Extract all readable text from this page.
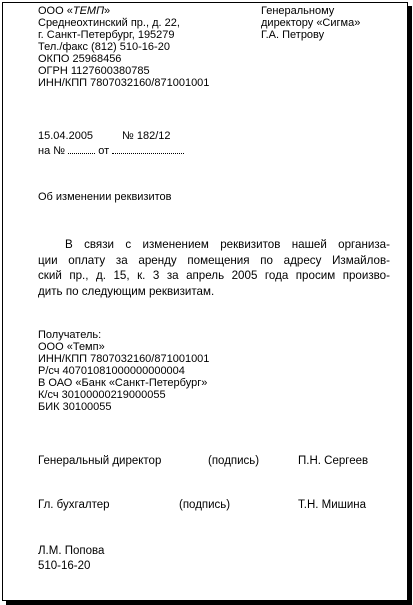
ООО «ТЕМП»
Среднеохтинский пр., д. 22,
г. Санкт-Петербург, 195279
Тел./факс (812) 510-16-20
ОКПО 25968456
ОГРН 1127600380785
ИНН/КПП 7807032160/871001001
Генеральному
директору «Сигма»
Г.А. Петрову
15.04.2005	№ 182/12
на №	от
Об изменении реквизитов
В связи с изменением реквизитов нашей организа-
ции оплату за аренду помещения по адресу Измайлов-
ский пр., д. 15, к. 3 за апрель 2005 года просим произво-
дить по следующим реквизитам.
Получатель:
ООО «Темп»
ИНН/КПП 7807032160/871001001
Р/сч 40701081000000000004
В ОАО «Банк «Санкт-Петербург»
К/сч 30100000219000055
БИК 30100055
Генеральный директор	(подпись)	П.Н. Сергеев
Гл. бухгалтер	(подпись)	Т.Н. Мишина
Л.М. Попова
510-16-20
